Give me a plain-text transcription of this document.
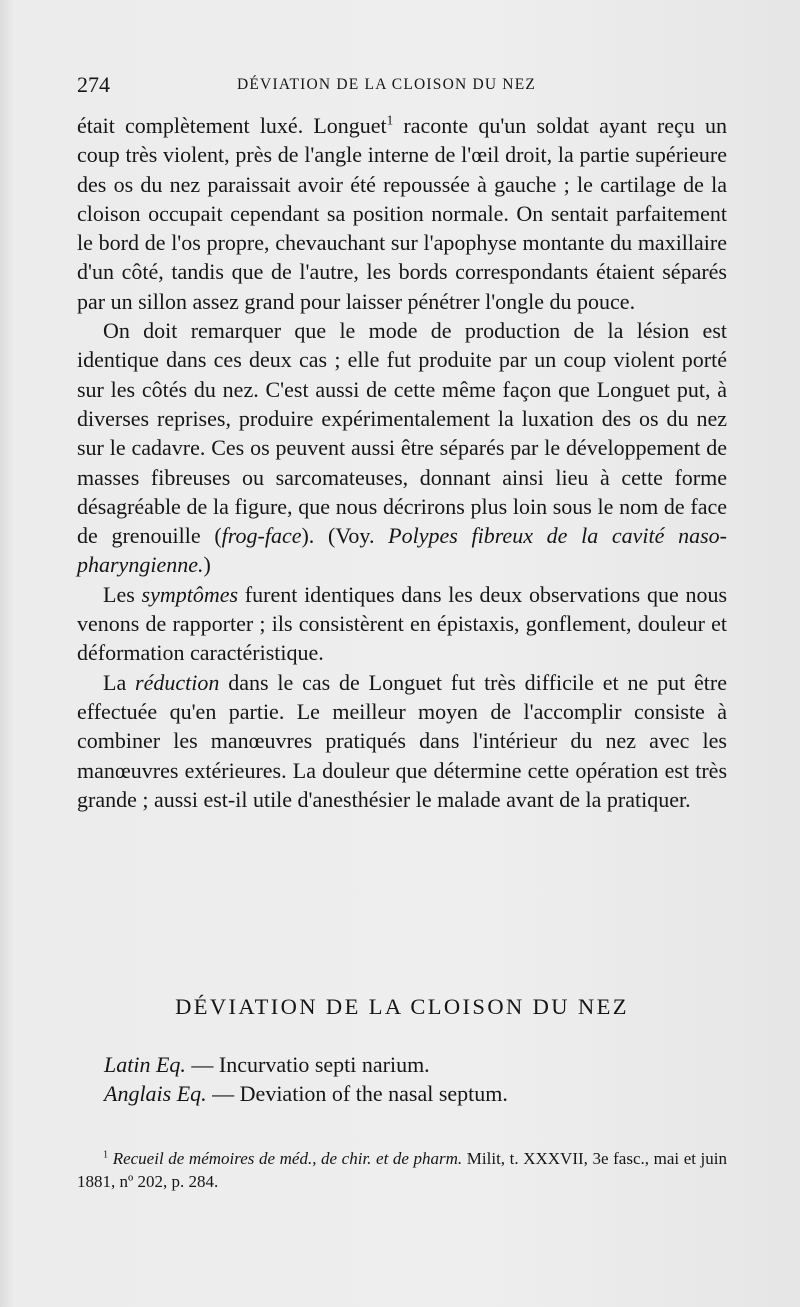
274	DÉVIATION DE LA CLOISON DU NEZ

était complètement luxé. Longuet$^1$ raconte qu'un soldat ayant reçu un coup très violent, près de l'angle interne de l'œil droit, la partie supérieure des os du nez paraissait avoir été repoussée à gauche ; le cartilage de la cloison occupait cependant sa position normale. On sentait parfaitement le bord de l'os propre, chevauchant sur l'apophyse montante du maxillaire d'un côté, tandis que de l'autre, les bords correspondants étaient séparés par un sillon assez grand pour laisser pénétrer l'ongle du pouce.

On doit remarquer que le mode de production de la lésion est identique dans ces deux cas ; elle fut produite par un coup violent porté sur les côtés du nez. C'est aussi de cette même façon que Longuet put, à diverses reprises, produire expérimentalement la luxation des os du nez sur le cadavre. Ces os peuvent aussi être séparés par le développement de masses fibreuses ou sarcomateuses, donnant ainsi lieu à cette forme désagréable de la figure, que nous décrirons plus loin sous le nom de face de grenouille (frog-face). (Voy. Polypes fibreux de la cavité naso-pharyngienne.)

Les symptômes furent identiques dans les deux observations que nous venons de rapporter ; ils consistèrent en épistaxis, gonflement, douleur et déformation caractéristique.

La réduction dans le cas de Longuet fut très difficile et ne put être effectuée qu'en partie. Le meilleur moyen de l'accomplir consiste à combiner les manœuvres pratiqués dans l'intérieur du nez avec les manœuvres extérieures. La douleur que détermine cette opération est très grande ; aussi est-il utile d'anesthésier le malade avant de la pratiquer.

DÉVIATION DE LA CLOISON DU NEZ
Latin Eq. — Incurvatio septi narium.
Anglais Eq. — Deviation of the nasal septum.

$^1$ Recueil de mémoires de méd., de chir. et de pharm. Milit, t. XXXVII, 3e fasc., mai et juin 1881, nº 202, p. 284.
